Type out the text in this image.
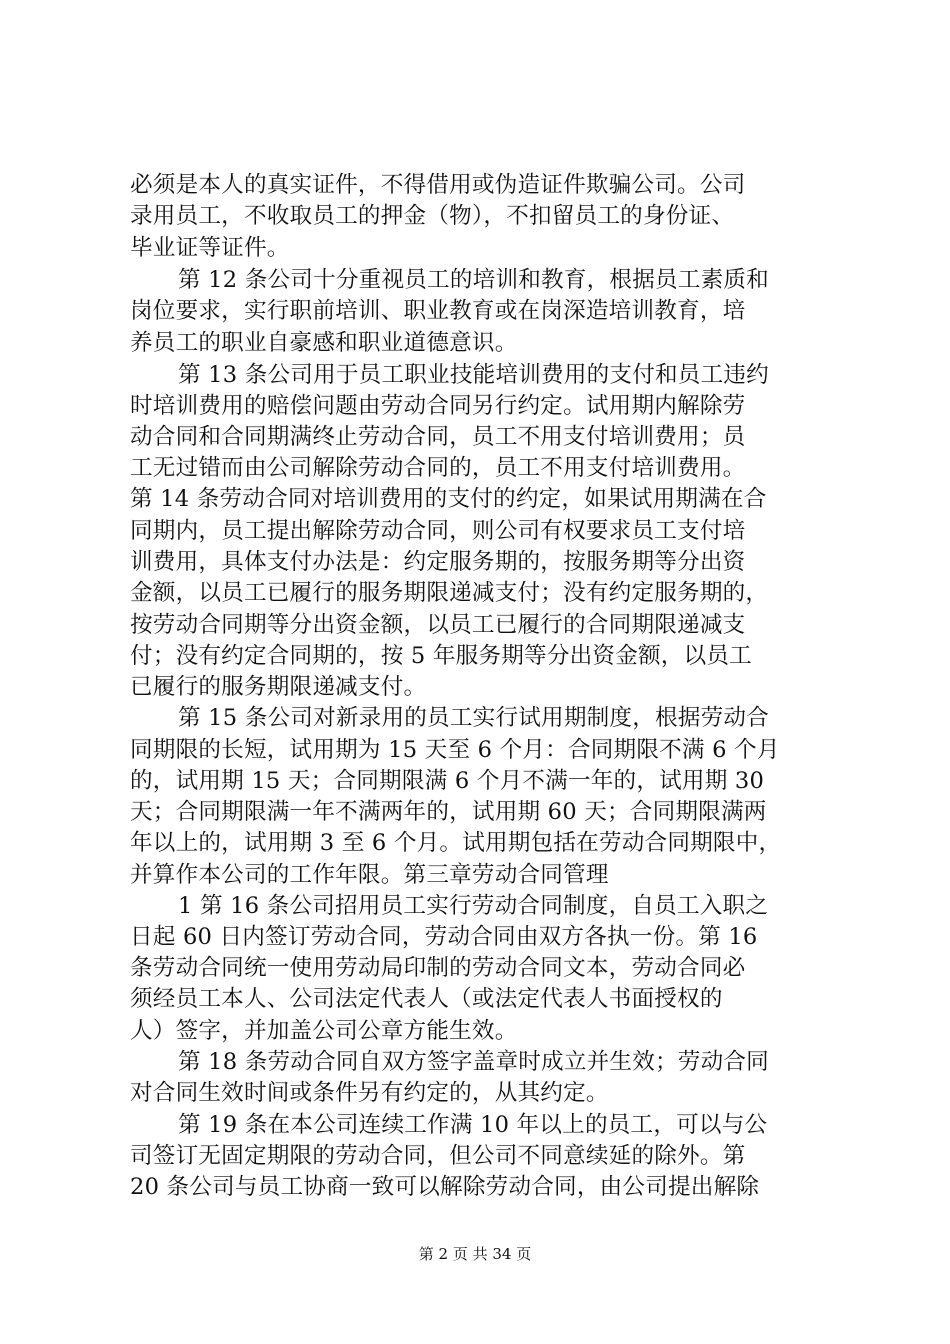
必须是本人的真实证件，不得借用或伪造证件欺骗公司。公司
录用员工，不收取员工的押金（物），不扣留员工的身份证、
毕业证等证件。
第 12 条公司十分重视员工的培训和教育，根据员工素质和
岗位要求，实行职前培训、职业教育或在岗深造培训教育，培
养员工的职业自豪感和职业道德意识。
第 13 条公司用于员工职业技能培训费用的支付和员工违约
时培训费用的赔偿问题由劳动合同另行约定。试用期内解除劳
动合同和合同期满终止劳动合同，员工不用支付培训费用；员
工无过错而由公司解除劳动合同的，员工不用支付培训费用。
第 14 条劳动合同对培训费用的支付的约定，如果试用期满在合
同期内，员工提出解除劳动合同，则公司有权要求员工支付培
训费用，具体支付办法是：约定服务期的，按服务期等分出资
金额，以员工已履行的服务期限递减支付；没有约定服务期的，
按劳动合同期等分出资金额，以员工已履行的合同期限递减支
付；没有约定合同期的，按 5 年服务期等分出资金额，以员工
已履行的服务期限递减支付。
第 15 条公司对新录用的员工实行试用期制度，根据劳动合
同期限的长短，试用期为 15 天至 6 个月：合同期限不满 6 个月
的，试用期 15 天；合同期限满 6 个月不满一年的，试用期 30
天；合同期限满一年不满两年的，试用期 60 天；合同期限满两
年以上的，试用期 3 至 6 个月。试用期包括在劳动合同期限中，
并算作本公司的工作年限。第三章劳动合同管理
1 第 16 条公司招用员工实行劳动合同制度，自员工入职之
日起 60 日内签订劳动合同，劳动合同由双方各执一份。第 16
条劳动合同统一使用劳动局印制的劳动合同文本，劳动合同必
须经员工本人、公司法定代表人（或法定代表人书面授权的
人）签字，并加盖公司公章方能生效。
第 18 条劳动合同自双方签字盖章时成立并生效；劳动合同
对合同生效时间或条件另有约定的，从其约定。
第 19 条在本公司连续工作满 10 年以上的员工，可以与公
司签订无固定期限的劳动合同，但公司不同意续延的除外。第
20 条公司与员工协商一致可以解除劳动合同，由公司提出解除
第 2 页 共 34 页
